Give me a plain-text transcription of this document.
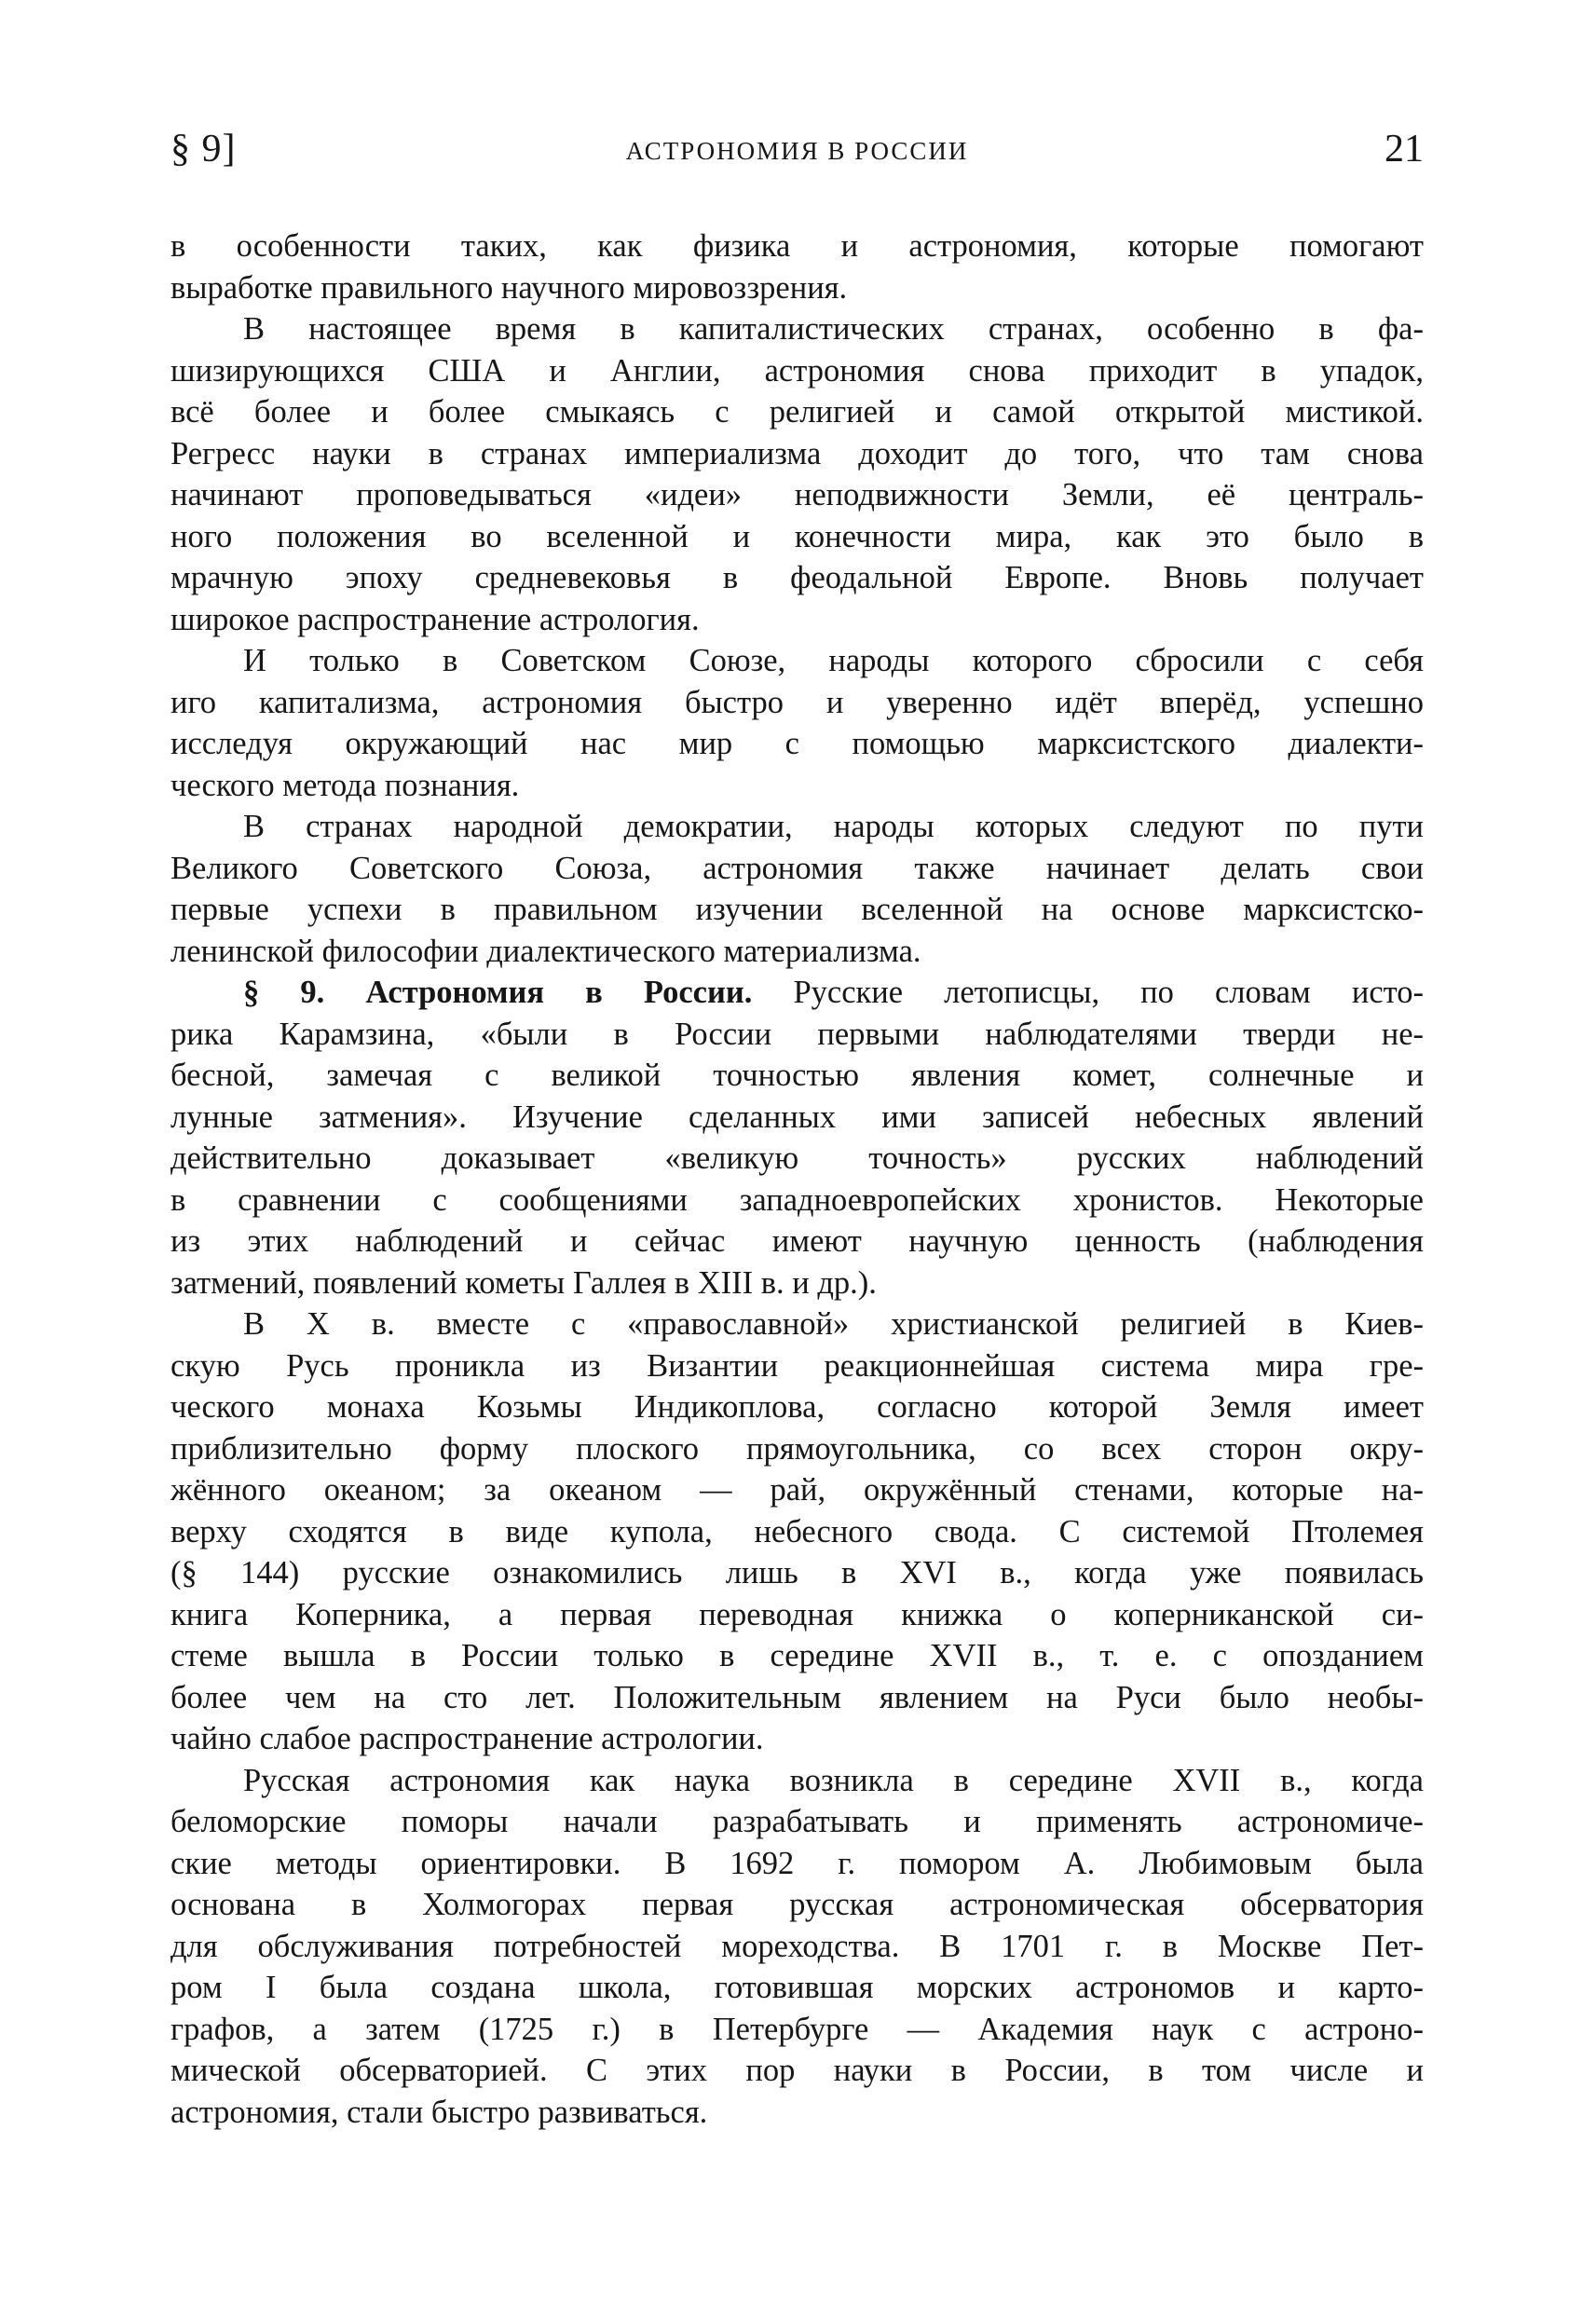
§ 9]	АСТРОНОМИЯ В РОССИИ	21
в особенности таких, как физика и астрономия, которые помогают
выработке правильного научного мировоззрения.
В настоящее время в капиталистических странах, особенно в фа-
шизирующихся США и Англии, астрономия снова приходит в упадок,
всё более и более смыкаясь с религией и самой открытой мистикой.
Регресс науки в странах империализма доходит до того, что там снова
начинают проповедываться «идеи» неподвижности Земли, её централь-
ного положения во вселенной и конечности мира, как это было в
мрачную эпоху средневековья в феодальной Европе. Вновь получает
широкое распространение астрология.
И только в Советском Союзе, народы которого сбросили с себя
иго капитализма, астрономия быстро и уверенно идёт вперёд, успешно
исследуя окружающий нас мир с помощью марксистского диалекти-
ческого метода познания.
В странах народной демократии, народы которых следуют по пути
Великого Советского Союза, астрономия также начинает делать свои
первые успехи в правильном изучении вселенной на основе марксистско-
ленинской философии диалектического материализма.
§ 9. Астрономия в России. Русские летописцы, по словам исто-
рика Карамзина, «были в России первыми наблюдателями тверди не-
бесной, замечая с великой точностью явления комет, солнечные и
лунные затмения». Изучение сделанных ими записей небесных явлений
действительно доказывает «великую точность» русских наблюдений
в сравнении с сообщениями западноевропейских хронистов. Некоторые
из этих наблюдений и сейчас имеют научную ценность (наблюдения
затмений, появлений кометы Галлея в XIII в. и др.).
В X в. вместе с «православной» христианской религией в Киев-
скую Русь проникла из Византии реакционнейшая система мира гре-
ческого монаха Козьмы Индикоплова, согласно которой Земля имеет
приблизительно форму плоского прямоугольника, со всех сторон окру-
жённого океаном; за океаном — рай, окружённый стенами, которые на-
верху сходятся в виде купола, небесного свода. С системой Птолемея
(§ 144) русские ознакомились лишь в XVI в., когда уже появилась
книга Коперника, а первая переводная книжка о коперниканской си-
стеме вышла в России только в середине XVII в., т. е. с опозданием
более чем на сто лет. Положительным явлением на Руси было необы-
чайно слабое распространение астрологии.
Русская астрономия как наука возникла в середине XVII в., когда
беломорские поморы начали разрабатывать и применять астрономиче-
ские методы ориентировки. В 1692 г. помором А. Любимовым была
основана в Холмогорах первая русская астрономическая обсерватория
для обслуживания потребностей мореходства. В 1701 г. в Москве Пет-
ром I была создана школа, готовившая морских астрономов и карто-
графов, а затем (1725 г.) в Петербурге — Академия наук с астроно-
мической обсерваторией. С этих пор науки в России, в том числе и
астрономия, стали быстро развиваться.
